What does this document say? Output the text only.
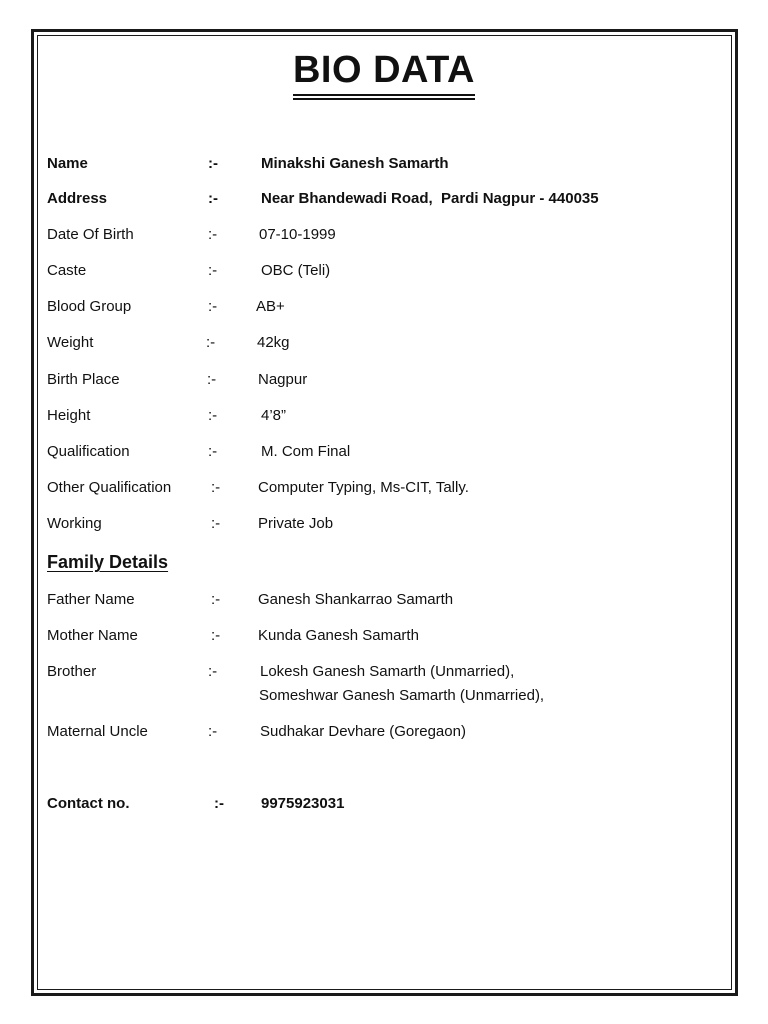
BIO DATA
Name	:-	Minakshi Ganesh Samarth
Address	:-	Near Bhandewadi Road,  Pardi Nagpur - 440035
Date Of Birth	:-	07-10-1999
Caste	:-	OBC (Teli)
Blood Group	:-	AB+
Weight	:-	42kg
Birth Place	:-	Nagpur
Height	:-	4’8”
Qualification	:-	M. Com Final
Other Qualification	:-	Computer Typing, Ms-CIT, Tally.
Working	:-	Private Job
Family Details
Father Name	:-	Ganesh Shankarrao Samarth
Mother Name	:-	Kunda Ganesh Samarth
Brother	:-	Lokesh Ganesh Samarth (Unmarried),
Someshwar Ganesh Samarth (Unmarried),
Maternal Uncle	:-	Sudhakar Devhare (Goregaon)
Contact no.	:- 9975923031
